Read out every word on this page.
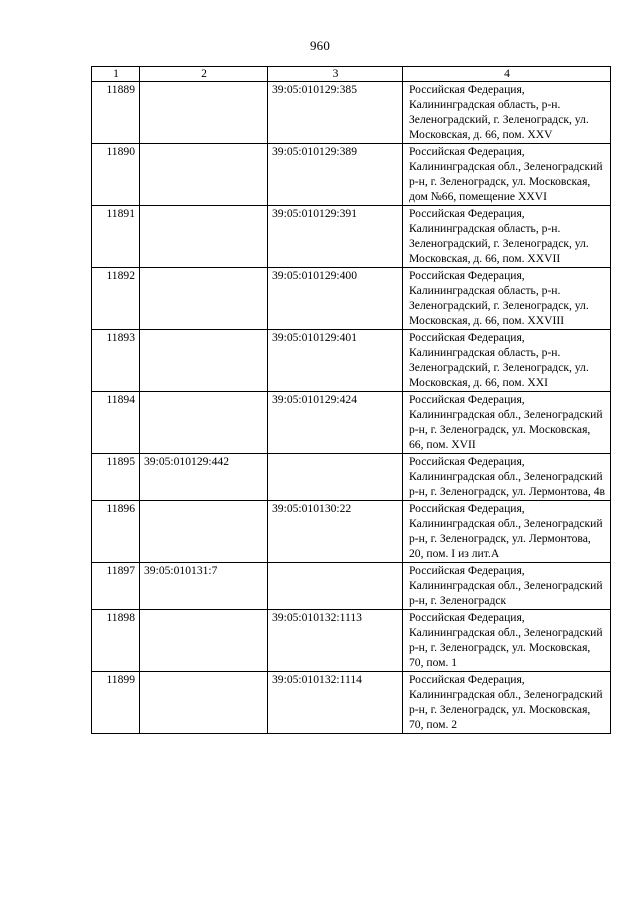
960
1	2	3	4
11889		39:05:010129:385	Российская Федерация, Калининградская область, р-н. Зеленоградский, г. Зеленоградск, ул. Московская, д. 66, пом. XXV
11890		39:05:010129:389	Российская Федерация, Калининградская обл., Зеленоградский р-н, г. Зеленоградск, ул. Московская, дом №66, помещение XXVI
11891		39:05:010129:391	Российская Федерация, Калининградская область, р-н. Зеленоградский, г. Зеленоградск, ул. Московская, д. 66, пом. XXVII
11892		39:05:010129:400	Российская Федерация, Калининградская область, р-н. Зеленоградский, г. Зеленоградск, ул. Московская, д. 66, пом. XXVIII
11893		39:05:010129:401	Российская Федерация, Калининградская область, р-н. Зеленоградский, г. Зеленоградск, ул. Московская, д. 66, пом. XXI
11894		39:05:010129:424	Российская Федерация, Калининградская обл., Зеленоградский р-н, г. Зеленоградск, ул. Московская, 66, пом. XVII
11895	39:05:010129:442		Российская Федерация, Калининградская обл., Зеленоградский р-н, г. Зеленоградск, ул. Лермонтова, 4в
11896		39:05:010130:22	Российская Федерация, Калининградская обл., Зеленоградский р-н, г. Зеленоградск, ул. Лермонтова, 20, пом. I из лит.А
11897	39:05:010131:7		Российская Федерация, Калининградская обл., Зеленоградский р-н, г. Зеленоградск
11898		39:05:010132:1113	Российская Федерация, Калининградская обл., Зеленоградский р-н, г. Зеленоградск, ул. Московская, 70, пом. 1
11899		39:05:010132:1114	Российская Федерация, Калининградская обл., Зеленоградский р-н, г. Зеленоградск, ул. Московская, 70, пом. 2
